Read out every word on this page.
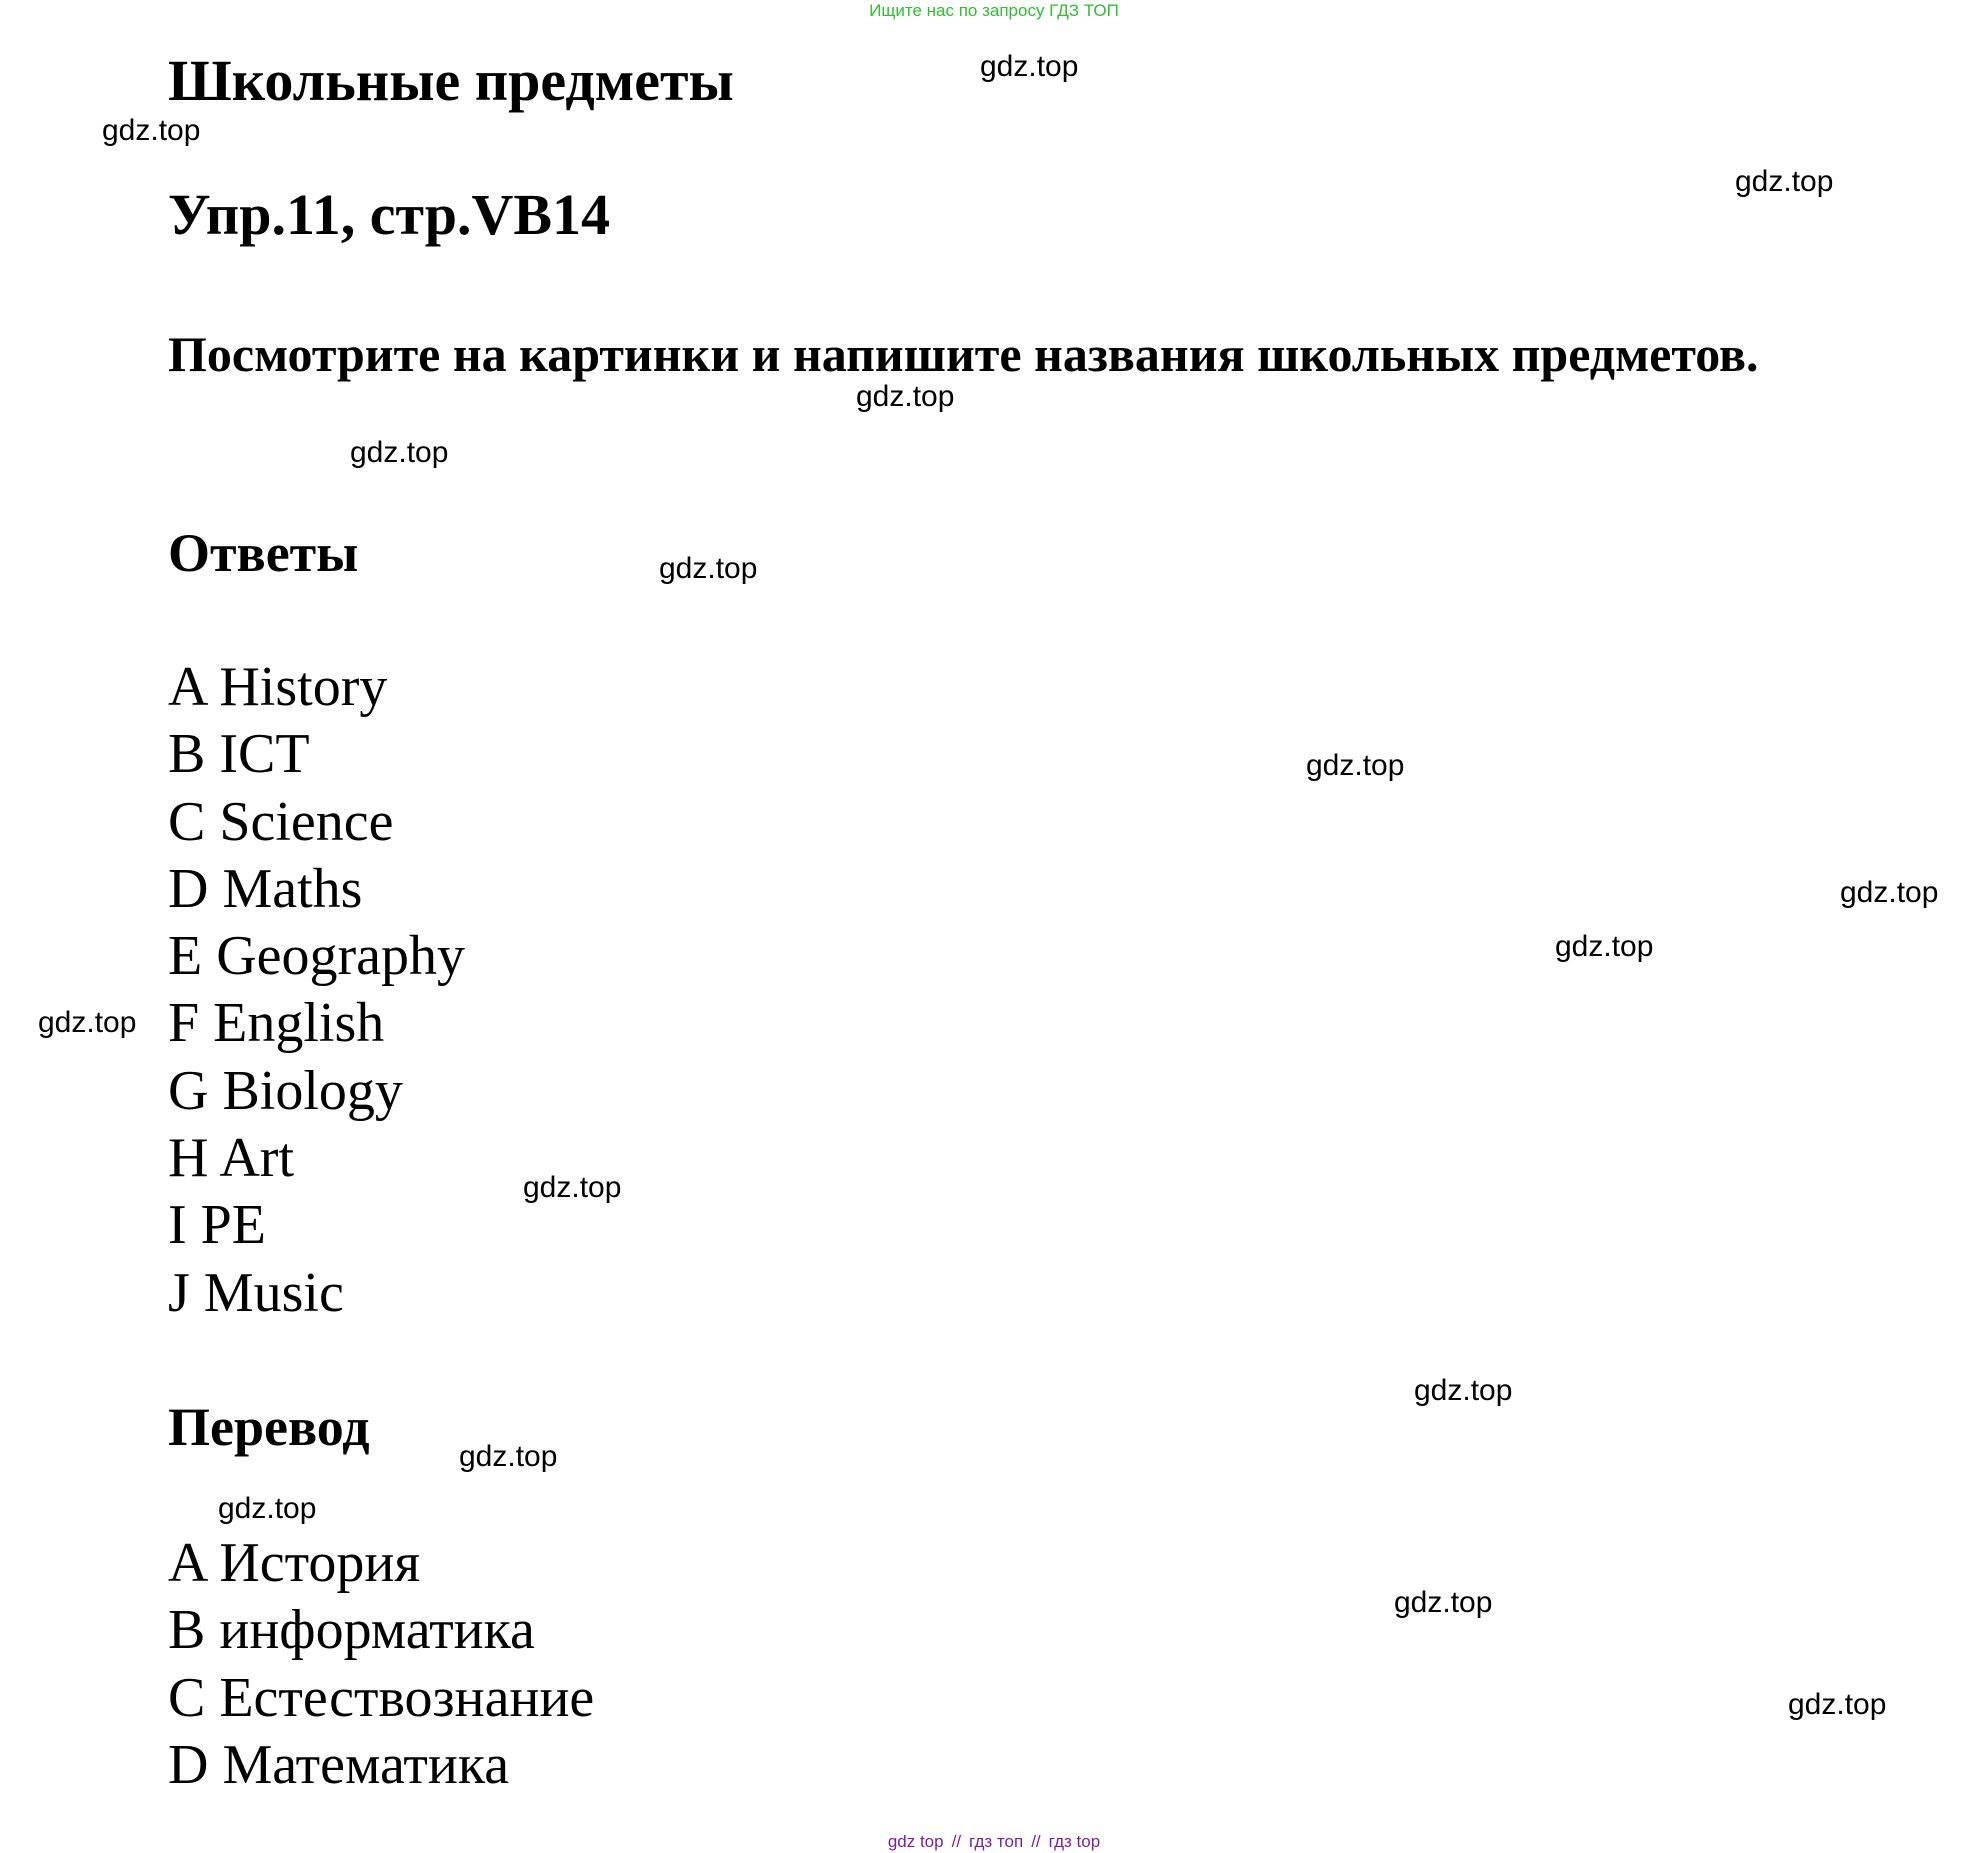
Ищите нас по запросу ГДЗ ТОП
Школьные предметы
Упр.11, стр.VB14
Посмотрите на картинки и напишите названия школьных предметов.
Ответы
A History
B ICT
C Science
D Maths
E Geography
F English
G Biology
H Art
I PE
J Music
Перевод
A История
B информатика
C Естествознание
D Математика
gdz.top
gdz.top
gdz.top
gdz.top
gdz.top
gdz.top
gdz.top
gdz.top
gdz.top
gdz.top
gdz.top
gdz.top
gdz.top
gdz.top
gdz.top
gdz.top
gdz top // гдз топ // гдз top
